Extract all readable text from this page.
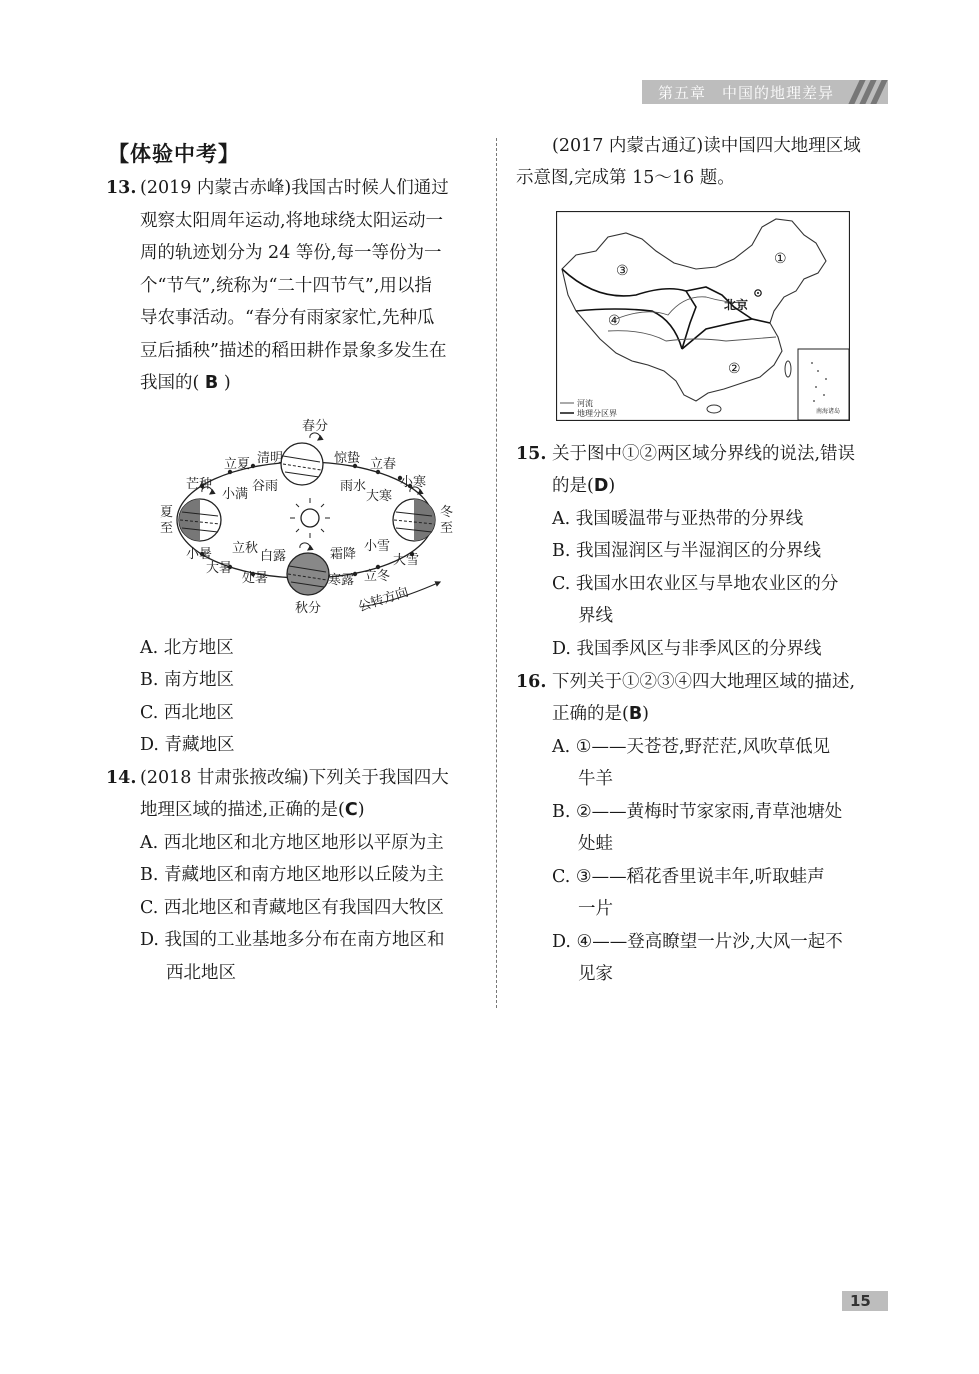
第五章　中国的地理差异
【体验中考】
13. (2019 内蒙古赤峰)我国古时候人们通过
观察太阳周年运动,将地球绕太阳运动一
周的轨迹划分为 24 等份,每一等份为一
个“节气”,统称为“二十四节气”,用以指
导农事活动。“春分有雨家家忙,先种瓜
豆后插秧”描述的稻田耕作景象多发生在
我国的( B )
春分
夏
至
冬
至
秋分	公转方向
立夏 清明	惊蛰 立春
芒种
小满
谷雨	雨水
大寒
小寒
小暑 立秋
白露	霜降
小雪
大雪
大暑
处暑	寒露 立冬
A. 北方地区
B. 南方地区
C. 西北地区
D. 青藏地区
14. (2018 甘肃张掖改编)下列关于我国四大
地理区域的描述,正确的是(C)
A. 西北地区和北方地区地形以平原为主
B. 青藏地区和南方地区地形以丘陵为主
C. 西北地区和青藏地区有我国四大牧区
D. 我国的工业基地多分布在南方地区和
西北地区
(2017 内蒙古通辽)读中国四大地理区域
示意图,完成第 15～16 题。
①
②
③
④
北京
河流
地理分区界	南海诸岛
15. 关于图中①②两区域分界线的说法,错误
的是(D)
A. 我国暖温带与亚热带的分界线
B. 我国湿润区与半湿润区的分界线
C. 我国水田农业区与旱地农业区的分
界线
D. 我国季风区与非季风区的分界线
16. 下列关于①②③④四大地理区域的描述,
正确的是(B)
A. ①——天苍苍,野茫茫,风吹草低见
牛羊
B. ②——黄梅时节家家雨,青草池塘处
处蛙
C. ③——稻花香里说丰年,听取蛙声
一片
D. ④——登高瞭望一片沙,大风一起不
见家
15
